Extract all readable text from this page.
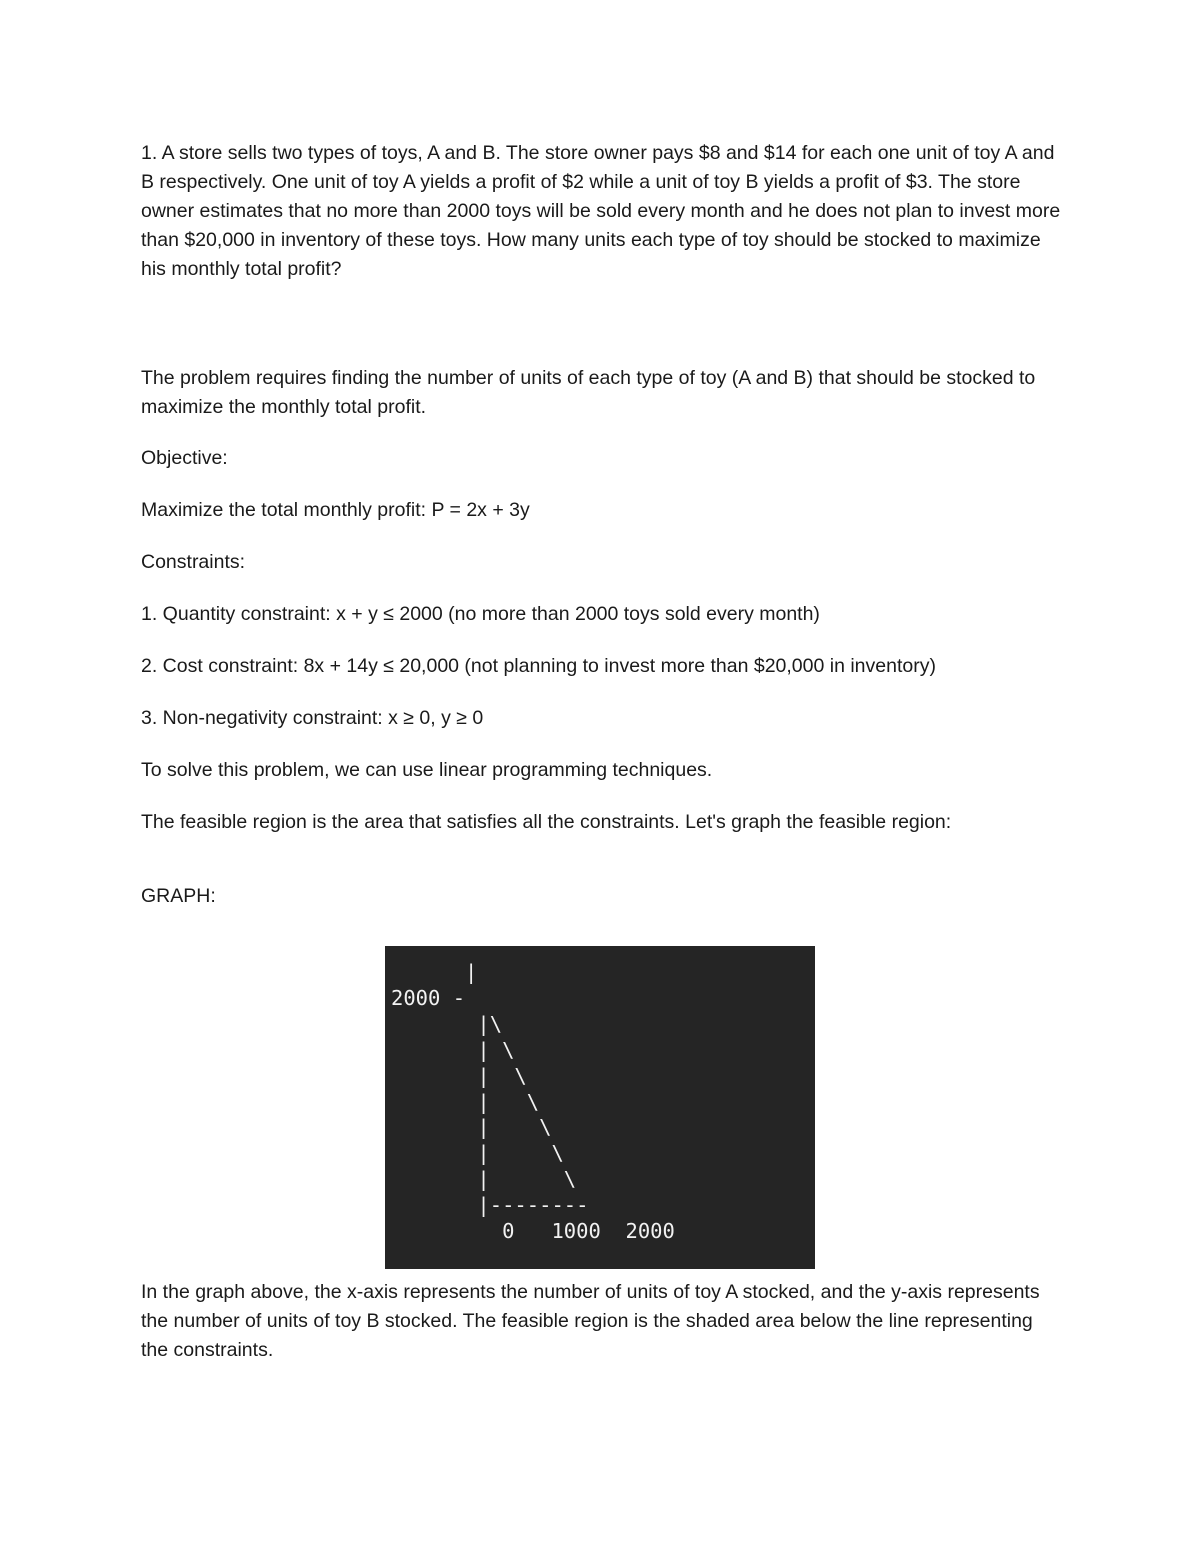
1. A store sells two types of toys, A and B. The store owner pays $8 and $14 for each one unit of toy A and B respectively. One unit of toy A yields a profit of $2 while a unit of toy B yields a profit of $3. The store owner estimates that no more than 2000 toys will be sold every month and he does not plan to invest more than $20,000 in inventory of these toys. How many units each type of toy should be stocked to maximize his monthly total profit?

The problem requires finding the number of units of each type of toy (A and B) that should be stocked to maximize the monthly total profit.

Objective:

Maximize the total monthly profit: P = 2x + 3y

Constraints:

1. Quantity constraint: x + y ≤ 2000 (no more than 2000 toys sold every month)

2. Cost constraint: 8x + 14y ≤ 20,000 (not planning to invest more than $20,000 in inventory)

3. Non-negativity constraint: x ≥ 0, y ≥ 0

To solve this problem, we can use linear programming techniques.

The feasible region is the area that satisfies all the constraints. Let's graph the feasible region:

GRAPH:

|
2000 -
|\
| \
|  \
|   \
|    \
|     \
|      \
|--------
0   1000  2000

In the graph above, the x-axis represents the number of units of toy A stocked, and the y-axis represents the number of units of toy B stocked. The feasible region is the shaded area below the line representing the constraints.
